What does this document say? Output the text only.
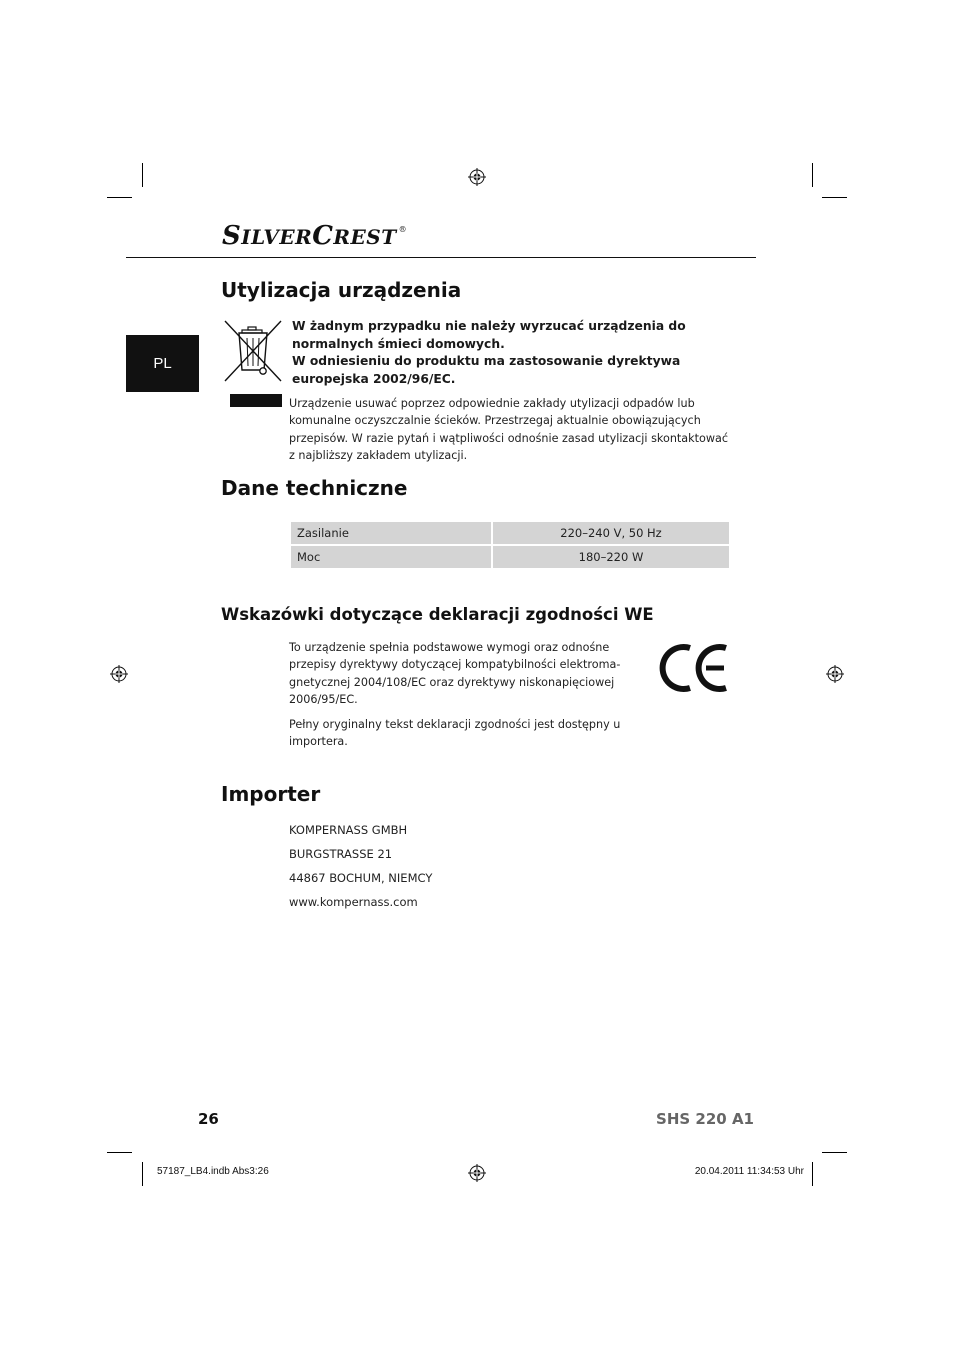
SILVERCREST ®
PL
Utylizacja urządzenia

W żadnym przypadku nie należy wyrzucać urządzenia do

normalnych śmieci domowych.

W odniesieniu do produktu ma zastosowanie dyrektywa

europejska 2002/96/EC.

Urządzenie usuwać poprzez odpowiednie zakłady utylizacji odpadów lub

komunalne oczyszczalnie ścieków. Przestrzegaj aktualnie obowiązujących

przepisów. W razie pytań i wątpliwości odnośnie zasad utylizacji skontaktować

z najbliższy zakładem utylizacji.

Dane techniczne
Zasilanie	220–240 V, 50 Hz
Moc	180–220 W
Wskazówki dotyczące deklaracji zgodności WE

To urządzenie spełnia podstawowe wymogi oraz odnośne

przepisy dyrektywy dotyczącej kompatybilności elektroma-

gnetycznej 2004/108/EC oraz dyrektywy niskonapięciowej

2006/95/EC.

Pełny oryginalny tekst deklaracji zgodności jest dostępny u

importera.

Importer
KOMPERNASS GMBH
BURGSTRASSE 21
44867 BOCHUM, NIEMCY
www.kompernass.com
26	SHS 220 A1
57187_LB4.indb Abs3:26	20.04.2011 11:34:53 Uhr
